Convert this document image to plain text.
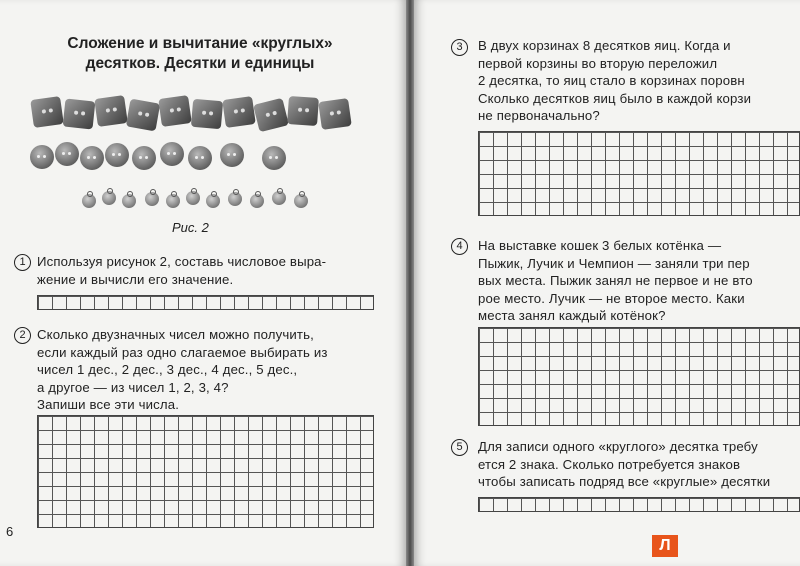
Сложение и вычитание «круглых»
десятков. Десятки и единицы
Рис. 2
1 Используя рисунок 2, составь числовое выра-
жение и вычисли его значение.
2 Сколько двузначных чисел можно получить,
если каждый раз одно слагаемое выбирать из
чисел 1 дес., 2 дес., 3 дес., 4 дес., 5 дес.,
а другое — из чисел 1, 2, 3, 4?
Запиши все эти числа.
6
3	В двух корзинах 8 десятков яиц. Когда и
первой корзины во вторую переложил
2 десятка, то яиц стало в корзинах поровн
Сколько десятков яиц было в каждой корзи
не первоначально?
4	На выставке кошек 3 белых котёнка —
Пыжик, Лучик и Чемпион — заняли три пер
вых места. Пыжик занял не первое и не вто
рое место. Лучик — не второе место. Каки
места занял каждый котёнок?
5	Для записи одного «круглого» десятка требу
ется 2 знака. Сколько потребуется знаков
чтобы записать подряд все «круглые» десятки
Л
